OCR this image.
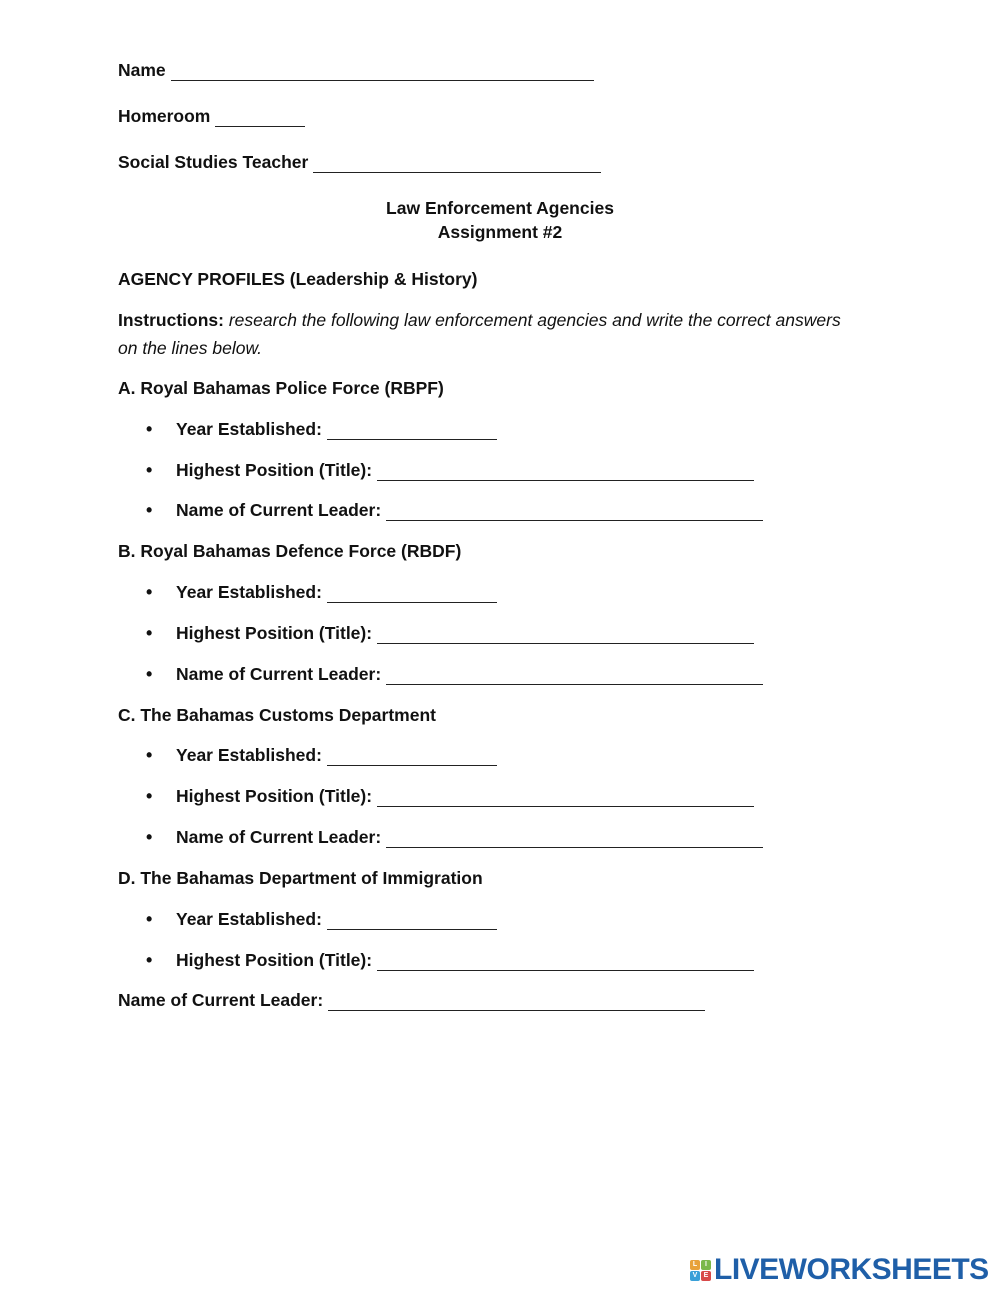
Name
Homeroom
Social Studies Teacher
Law Enforcement Agencies
Assignment #2
AGENCY PROFILES (Leadership & History)
Instructions: research the following law enforcement agencies and write the correct answers on the lines below.
A. Royal Bahamas Police Force (RBPF)
•	Year Established:
•	Highest Position (Title):
•	Name of Current Leader:
B. Royal Bahamas Defence Force (RBDF)
•	Year Established:
•	Highest Position (Title):
•	Name of Current Leader:
C. The Bahamas Customs Department
•	Year Established:
•	Highest Position (Title):
•	Name of Current Leader:
D. The Bahamas Department of Immigration
•	Year Established:
•	Highest Position (Title):
Name of Current Leader:
L	I
V E LIVEWORKSHEETS
